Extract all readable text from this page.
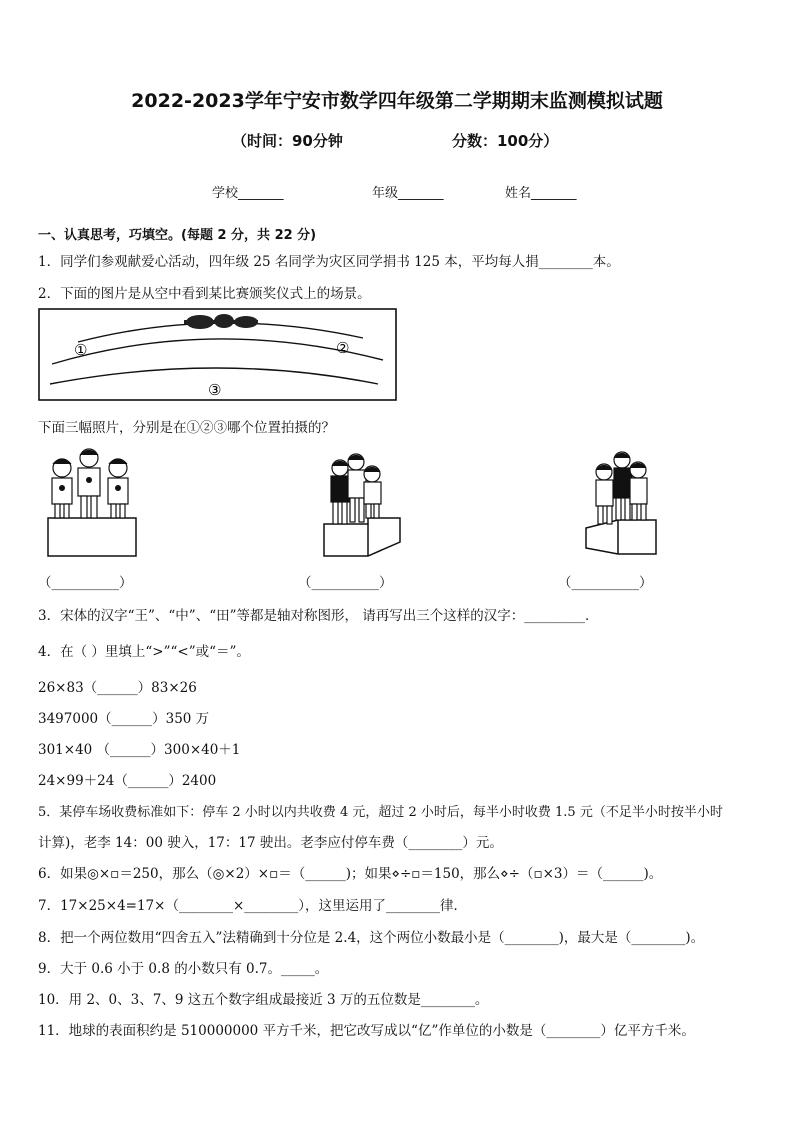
2022-2023学年宁安市数学四年级第二学期期末监测模拟试题
（时间：90分钟	分数：100分）
学校_______	年级_______	姓名_______
一、认真思考，巧填空。(每题 2 分，共 22 分)
1．同学们参观献爱心活动，四年级 25 名同学为灾区同学捐书 125 本，平均每人捐________本。
2．下面的图片是从空中看到某比赛颁奖仪式上的场景。
①	②
③
下面三幅照片，分别是在①②③哪个位置拍摄的？
（__________）	（__________）	（__________）
3．宋体的汉字“王”、“中”、“田”等都是轴对称图形， 请再写出三个这样的汉字：_________．
4．在（ ）里填上“>”“<”或“＝”。
26×83（______）83×26
3497000（______）350 万
301×40 （______）300×40＋1
24×99＋24（______）2400
5．某停车场收费标准如下：停车 2 小时以内共收费 4 元，超过 2 小时后，每半小时收费 1.5 元（不足半小时按半小时
计算)，老李 14：00 驶入，17：17 驶出。老李应付停车费（________）元。
6．如果◎×▫＝250，那么（◎×2）×▫＝（______)；如果⋄÷▫＝150，那么⋄÷（▫×3）＝（______)。
7．17×25×4=17×（________×________），这里运用了________律．
8．把一个两位数用“四舍五入”法精确到十分位是 2.4，这个两位小数最小是（________)，最大是（________)。
9．大于 0.6 小于 0.8 的小数只有 0.7。_____。
10．用 2、0、3、7、9 这五个数字组成最接近 3 万的五位数是________。
11．地球的表面积约是 510000000 平方千米，把它改写成以“亿”作单位的小数是（________）亿平方千米。
